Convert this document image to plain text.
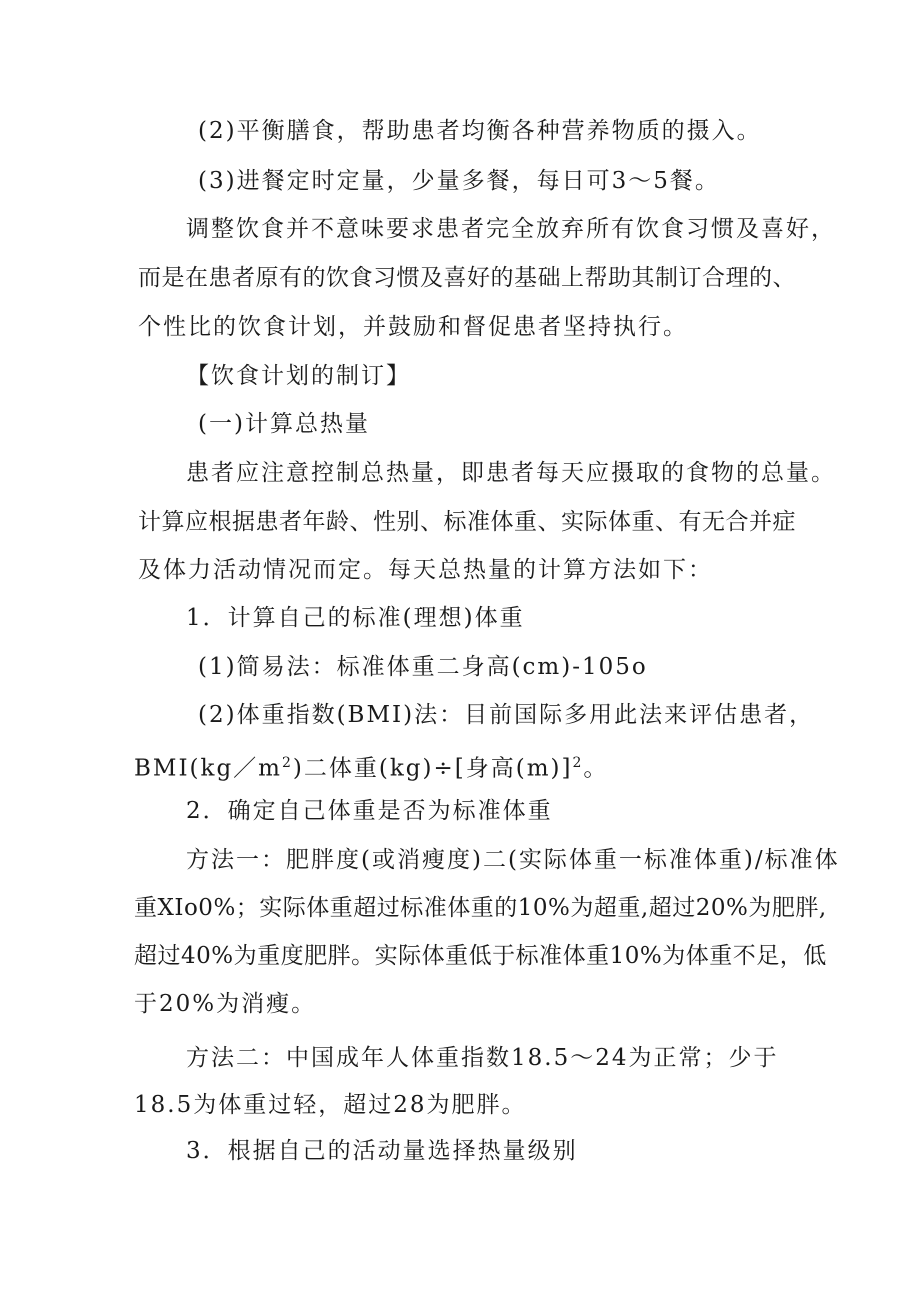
(2)平衡膳食，帮助患者均衡各种营养物质的摄入。
(3)进餐定时定量，少量多餐，每日可3～5餐。
调整饮食并不意味要求患者完全放弃所有饮食习惯及喜好，
而是在患者原有的饮食习惯及喜好的基础上帮助其制订合理的、
个性比的饮食计划，并鼓励和督促患者坚持执行。
【饮食计划的制订】
(一)计算总热量
患者应注意控制总热量，即患者每天应摄取的食物的总量。
计算应根据患者年龄、性别、标准体重、实际体重、有无合并症
及体力活动情况而定。每天总热量的计算方法如下：
1．计算自己的标准(理想)体重
(1)简易法：标准体重二身高(cm)-105o
(2)体重指数(BMI)法：目前国际多用此法来评估患者，
$BMI(kg/m^2)$二体重(kg)÷[身高(m)]$^2$。
2．确定自己体重是否为标准体重
方法一：肥胖度(或消瘦度)二(实际体重一标准体重)/标准体
重XIo0%；实际体重超过标准体重的10%为超重,超过20%为肥胖,
超过40%为重度肥胖。实际体重低于标准体重10%为体重不足，低
于20%为消瘦。
方法二：中国成年人体重指数18.5～24为正常；少于
18.5为体重过轻，超过28为肥胖。
3．根据自己的活动量选择热量级别
